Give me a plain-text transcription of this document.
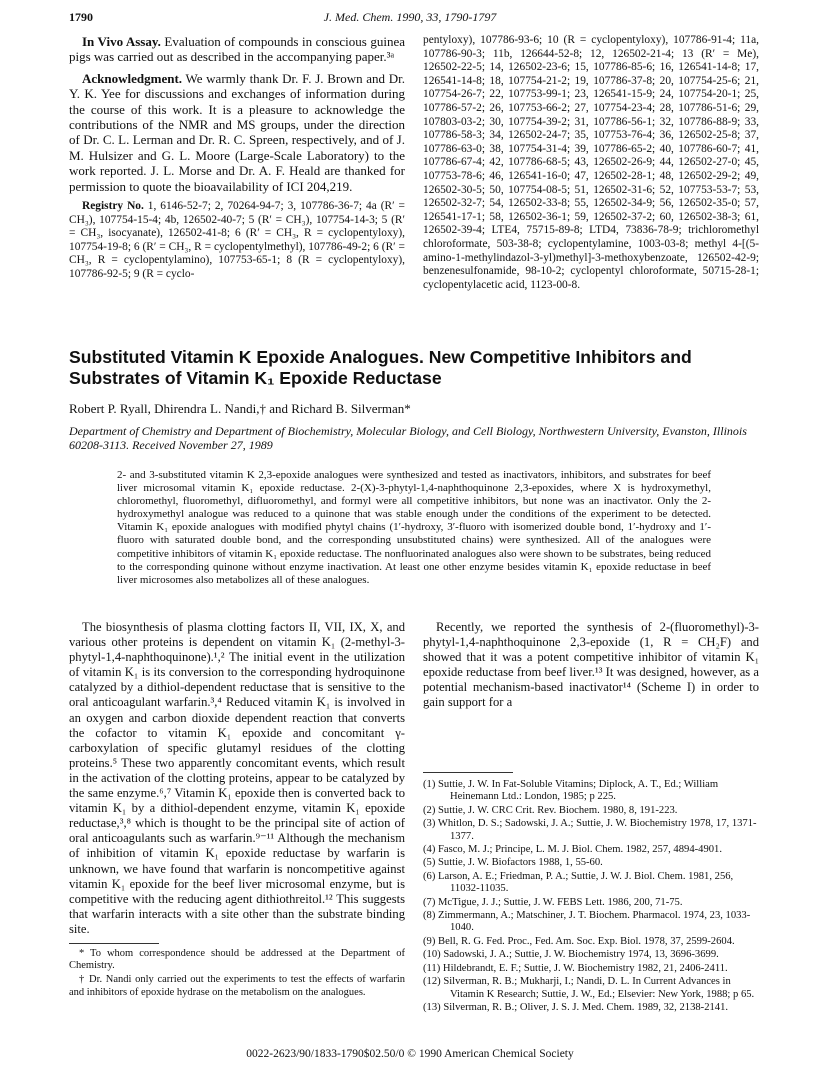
J. Med. Chem. 1990, 33, 1790-1797
1790

In Vivo Assay. Evaluation of compounds in conscious guinea pigs was carried out as described in the accompanying paper.³ᵃ

Acknowledgment. We warmly thank Dr. F. J. Brown and Dr. Y. K. Yee for discussions and exchanges of information during the course of this work. It is a pleasure to acknowledge the contributions of the NMR and MS groups, under the direction of Dr. C. L. Lerman and Dr. R. C. Spreen, respectively, and of J. M. Hulsizer and G. L. Moore (Large-Scale Laboratory) to the work reported. J. L. Morse and Dr. A. F. Heald are thanked for permission to quote the bioavailability of ICI 204,219.

Registry No. 1, 6146-52-7; 2, 70264-94-7; 3, 107786-36-7; 4a (R′ = CH₃), 107754-15-4; 4b, 126502-40-7; 5 (R′ = CH₃), 107754-14-3; 5 (R′ = CH₃, isocyanate), 126502-41-8; 6 (R′ = CH₃, R = cyclopentyloxy), 107754-19-8; 6 (R′ = CH₃, R = cyclopentylmethyl), 107786-49-2; 6 (R′ = CH₃, R = cyclopentylamino), 107753-65-1; 8 (R = cyclopentyloxy), 107786-92-5; 9 (R = cyclo-

pentyloxy), 107786-93-6; 10 (R = cyclopentyloxy), 107786-91-4; 11a, 107786-90-3; 11b, 126644-52-8; 12, 126502-21-4; 13 (R′ = Me), 126502-22-5; 14, 126502-23-6; 15, 107786-85-6; 16, 126541-14-8; 17, 126541-14-8; 18, 107754-21-2; 19, 107786-37-8; 20, 107754-25-6; 21, 107754-26-7; 22, 107753-99-1; 23, 126541-15-9; 24, 107754-20-1; 25, 107786-57-2; 26, 107753-66-2; 27, 107754-23-4; 28, 107786-51-6; 29, 107803-03-2; 30, 107754-39-2; 31, 107786-56-1; 32, 107786-88-9; 33, 107786-58-3; 34, 126502-24-7; 35, 107753-76-4; 36, 126502-25-8; 37, 107786-63-0; 38, 107754-31-4; 39, 107786-65-2; 40, 107786-60-7; 41, 107786-67-4; 42, 107786-68-5; 43, 126502-26-9; 44, 126502-27-0; 45, 107753-78-6; 46, 126541-16-0; 47, 126502-28-1; 48, 126502-29-2; 49, 126502-30-5; 50, 107754-08-5; 51, 126502-31-6; 52, 107753-53-7; 53, 126502-32-7; 54, 126502-33-8; 55, 126502-34-9; 56, 126502-35-0; 57, 126541-17-1; 58, 126502-36-1; 59, 126502-37-2; 60, 126502-38-3; 61, 126502-39-4; LTE4, 75715-89-8; LTD4, 73836-78-9; trichloromethyl chloroformate, 503-38-8; cyclopentylamine, 1003-03-8; methyl 4-[(5-amino-1-methylindazol-3-yl)methyl]-3-methoxybenzoate, 126502-42-9; benzenesulfonamide, 98-10-2; cyclopentyl chloroformate, 50715-28-1; cyclopentylacetic acid, 1123-00-8.

Substituted Vitamin K Epoxide Analogues. New Competitive Inhibitors and Substrates of Vitamin K₁ Epoxide Reductase
Robert P. Ryall, Dhirendra L. Nandi,† and Richard B. Silverman*
Department of Chemistry and Department of Biochemistry, Molecular Biology, and Cell Biology, Northwestern University, Evanston, Illinois 60208-3113. Received November 27, 1989
2- and 3-substituted vitamin K 2,3-epoxide analogues were synthesized and tested as inactivators, inhibitors, and substrates for beef liver microsomal vitamin K₁ epoxide reductase. 2-(X)-3-phytyl-1,4-naphthoquinone 2,3-epoxides, where X is hydroxymethyl, chloromethyl, fluoromethyl, difluoromethyl, and formyl were all competitive inhibitors, but none was an inactivator. Only the 2-hydroxymethyl analogue was reduced to a quinone that was stable enough under the conditions of the experiment to be detected. Vitamin K₁ epoxide analogues with modified phytyl chains (1′-hydroxy, 3′-fluoro with isomerized double bond, 1′-hydroxy and 1′-fluoro with saturated double bond, and the corresponding unsubstituted chains) were synthesized. All of the analogues were competitive inhibitors of vitamin K₁ epoxide reductase. The nonfluorinated analogues also were shown to be substrates, being reduced to the corresponding quinone without enzyme inactivation. At least one other enzyme besides vitamin K₁ epoxide reductase in beef liver microsomes also metabolizes all of these analogues.

The biosynthesis of plasma clotting factors II, VII, IX, X, and various other proteins is dependent on vitamin K₁ (2-methyl-3-phytyl-1,4-naphthoquinone).¹,² The initial event in the utilization of vitamin K₁ is its conversion to the corresponding hydroquinone catalyzed by a dithiol-dependent reductase that is sensitive to the oral anticoagulant warfarin.³,⁴ Reduced vitamin K₁ is involved in an oxygen and carbon dioxide dependent reaction that converts the cofactor to vitamin K₁ epoxide and concomitant γ-carboxylation of specific glutamyl residues of the clotting proteins.⁵ These two apparently concomitant events, which result in the activation of the clotting proteins, appear to be catalyzed by the same enzyme.⁶,⁷ Vitamin K₁ epoxide then is converted back to vitamin K₁ by a dithiol-dependent enzyme, vitamin K₁ epoxide reductase,³,⁸ which is thought to be the principal site of action of oral anticoagulants such as warfarin.⁹⁻¹¹ Although the mechanism of inhibition of vitamin K₁ epoxide reductase by warfarin is unknown, we have found that warfarin is noncompetitive against vitamin K₁ epoxide for the beef liver microsomal enzyme, but is competitive with the reducing agent dithiothreitol.¹² This suggests that warfarin interacts with a site other than the substrate binding site.

* To whom correspondence should be addressed at the Department of Chemistry.

† Dr. Nandi only carried out the experiments to test the effects of warfarin and inhibitors of epoxide hydrase on the metabolism on the analogues.

Recently, we reported the synthesis of 2-(fluoromethyl)-3-phytyl-1,4-naphthoquinone 2,3-epoxide (1, R = CH₂F) and showed that it was a potent competitive inhibitor of vitamin K₁ epoxide reductase from beef liver.¹³ It was designed, however, as a potential mechanism-based inactivator¹⁴ (Scheme I) in order to gain support for a

(1) Suttie, J. W. In Fat-Soluble Vitamins; Diplock, A. T., Ed.; William Heinemann Ltd.: London, 1985; p 225.
(2) Suttie, J. W. CRC Crit. Rev. Biochem. 1980, 8, 191-223.
(3) Whitlon, D. S.; Sadowski, J. A.; Suttie, J. W. Biochemistry 1978, 17, 1371-1377.
(4) Fasco, M. J.; Principe, L. M. J. Biol. Chem. 1982, 257, 4894-4901.
(5) Suttie, J. W. Biofactors 1988, 1, 55-60.
(6) Larson, A. E.; Friedman, P. A.; Suttie, J. W. J. Biol. Chem. 1981, 256, 11032-11035.
(7) McTigue, J. J.; Suttie, J. W. FEBS Lett. 1986, 200, 71-75.
(8) Zimmermann, A.; Matschiner, J. T. Biochem. Pharmacol. 1974, 23, 1033-1040.
(9) Bell, R. G. Fed. Proc., Fed. Am. Soc. Exp. Biol. 1978, 37, 2599-2604.
(10) Sadowski, J. A.; Suttie, J. W. Biochemistry 1974, 13, 3696-3699.
(11) Hildebrandt, E. F.; Suttie, J. W. Biochemistry 1982, 21, 2406-2411.
(12) Silverman, R. B.; Mukharji, I.; Nandi, D. L. In Current Advances in Vitamin K Research; Suttie, J. W., Ed.; Elsevier: New York, 1988; p 65.
(13) Silverman, R. B.; Oliver, J. S. J. Med. Chem. 1989, 32, 2138-2141.
0022-2623/90/1833-1790$02.50/0 © 1990 American Chemical Society
